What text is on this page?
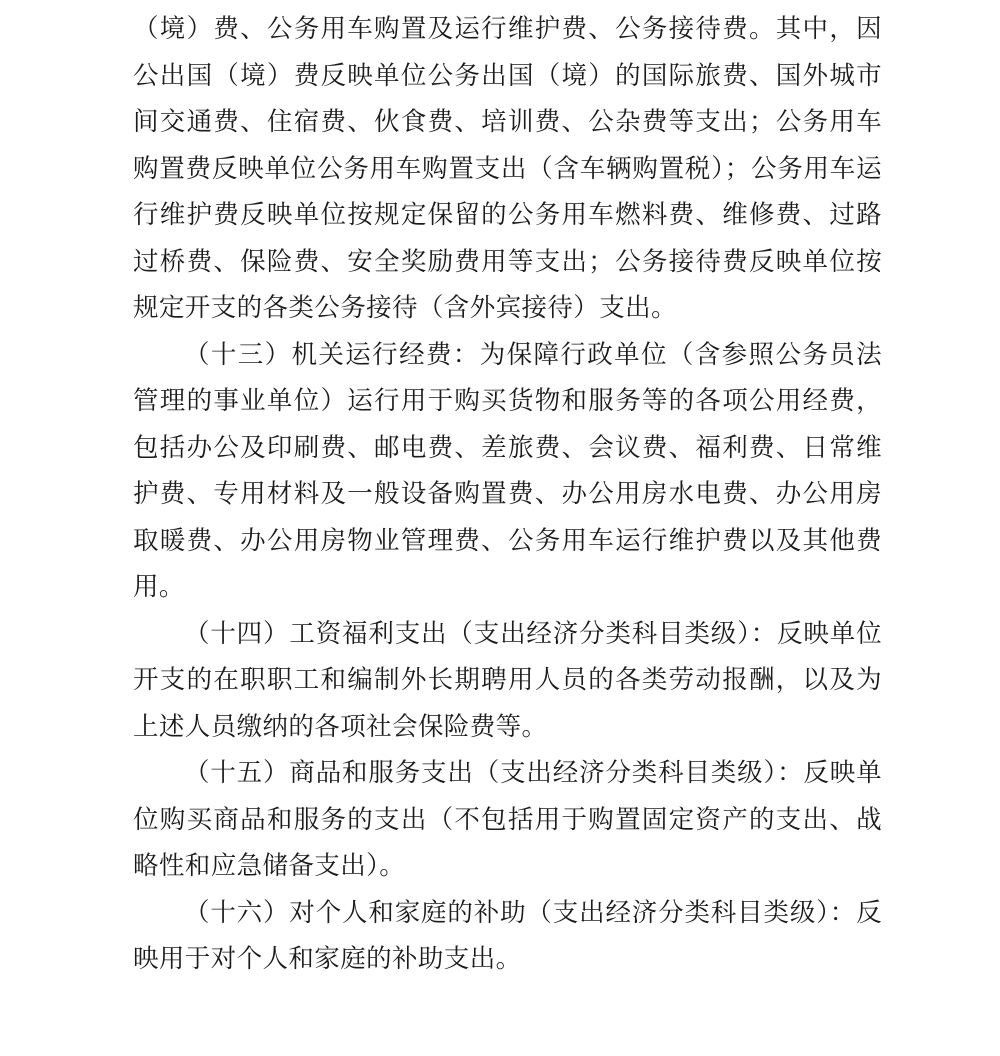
（境）费、公务用车购置及运行维护费、公务接待费。其中，因公出国（境）费反映单位公务出国（境）的国际旅费、国外城市间交通费、住宿费、伙食费、培训费、公杂费等支出；公务用车购置费反映单位公务用车购置支出（含车辆购置税）；公务用车运行维护费反映单位按规定保留的公务用车燃料费、维修费、过路过桥费、保险费、安全奖励费用等支出；公务接待费反映单位按规定开支的各类公务接待（含外宾接待）支出。

（十三）机关运行经费：为保障行政单位（含参照公务员法管理的事业单位）运行用于购买货物和服务等的各项公用经费，包括办公及印刷费、邮电费、差旅费、会议费、福利费、日常维护费、专用材料及一般设备购置费、办公用房水电费、办公用房取暖费、办公用房物业管理费、公务用车运行维护费以及其他费用。

（十四）工资福利支出（支出经济分类科目类级）：反映单位开支的在职职工和编制外长期聘用人员的各类劳动报酬，以及为上述人员缴纳的各项社会保险费等。

（十五）商品和服务支出（支出经济分类科目类级）：反映单位购买商品和服务的支出（不包括用于购置固定资产的支出、战略性和应急储备支出）。

（十六）对个人和家庭的补助（支出经济分类科目类级）：反映用于对个人和家庭的补助支出。
